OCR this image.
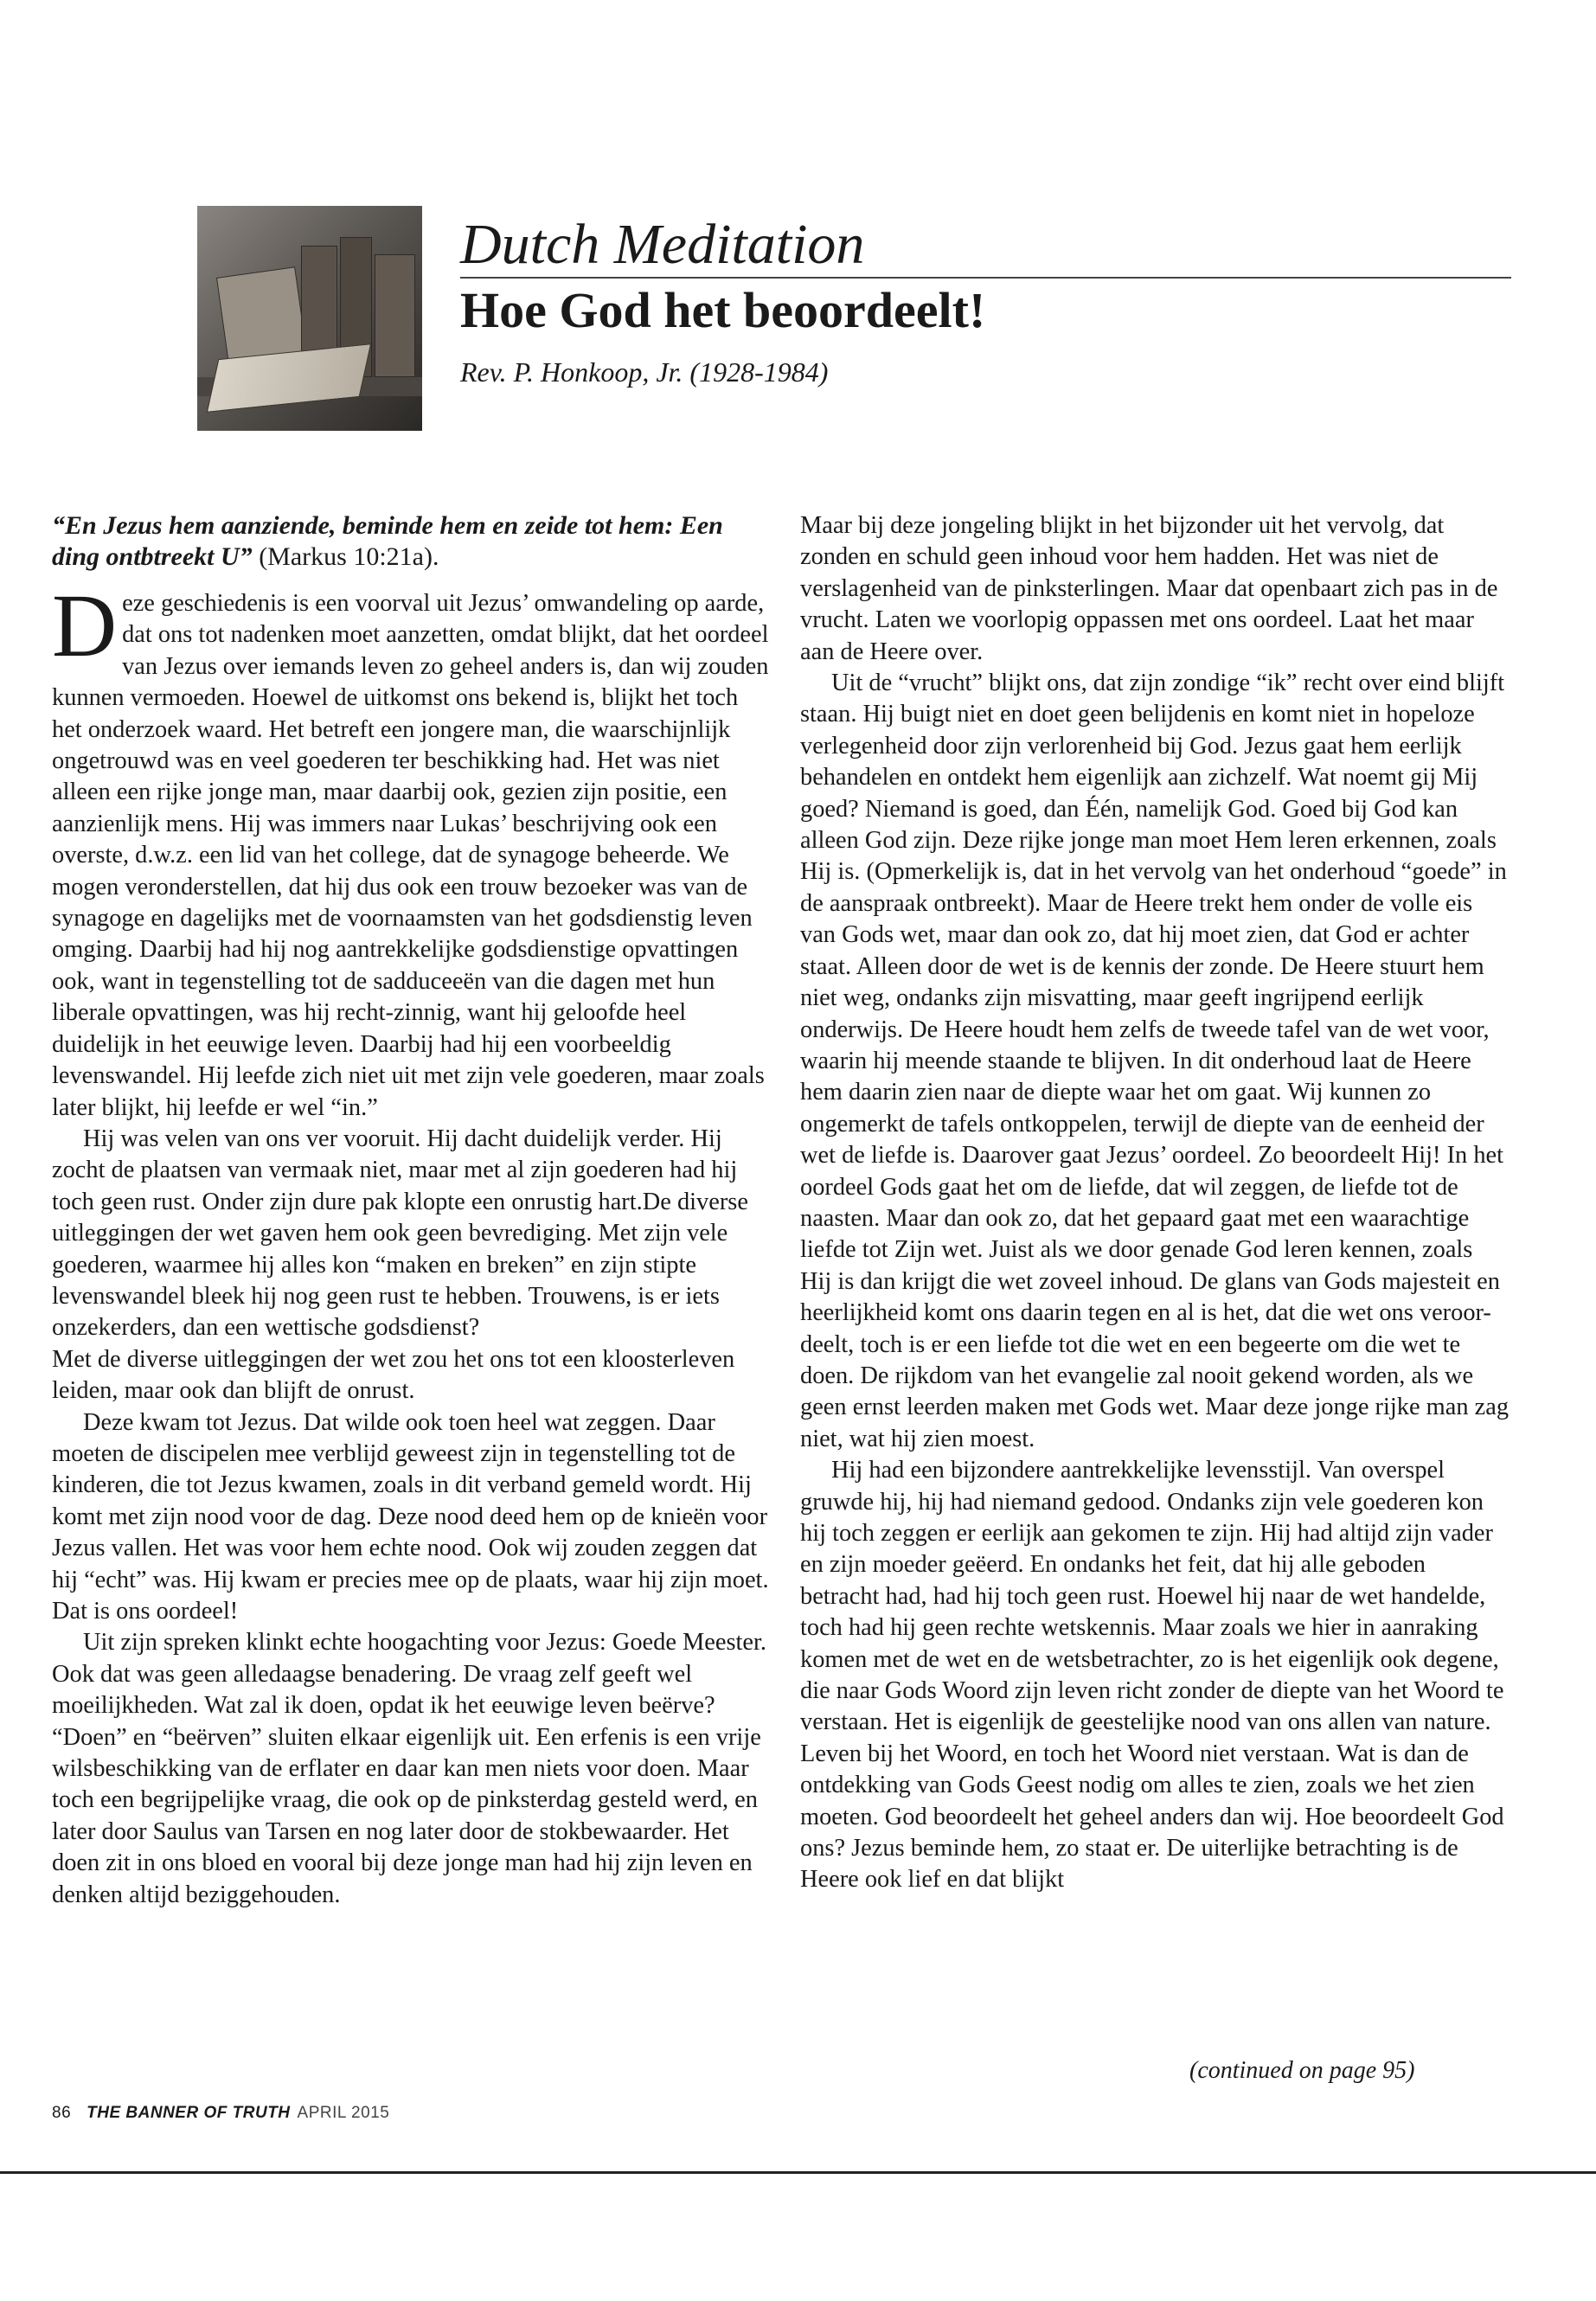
Dutch Meditation
Hoe God het beoordeelt!
Rev. P. Honkoop, Jr. (1928-1984)

“En Jezus hem aanziende, beminde hem en zeide tot hem: Een ding ontbtreekt U” (Markus 10:21a).

Deze geschiedenis is een voorval uit Jezus’ omwandeling op aarde, dat ons tot nadenken moet aanzetten, omdat blijkt, dat het oordeel van Jezus over iemands leven zo geheel anders is, dan wij zouden kunnen vermoeden. Hoewel de uitkomst ons bekend is, blijkt het toch het onderzoek waard. Het betreft een jongere man, die waarschijnlijk ongetrouwd was en veel goederen ter beschikking had. Het was niet alleen een rijke jonge man, maar daarbij ook, gezien zijn positie, een aanzienlijk mens. Hij was immers naar Lukas’ beschrijving ook een overste, d.w.z. een lid van het college, dat de synagoge beheerde. We mogen veronderstellen, dat hij dus ook een trouw bezoeker was van de synagoge en dagelijks met de voornaamsten van het godsdienstig leven omging. Daarbij had hij nog aantrekkelijke godsdienstige opvattingen ook, want in tegenstelling tot de sadduceeën van die dagen met hun liberale opvattingen, was hij recht-zinnig, want hij geloofde heel duidelijk in het eeuwige leven. Daarbij had hij een voorbeeldig levenswandel. Hij leefde zich niet uit met zijn vele goederen, maar zoals later blijkt, hij leefde er wel “in.”

Hij was velen van ons ver vooruit. Hij dacht duidelijk verder. Hij zocht de plaatsen van vermaak niet, maar met al zijn goederen had hij toch geen rust. Onder zijn dure pak klopte een onrustig hart.De diverse uitleggingen der wet gaven hem ook geen bevrediging. Met zijn vele goederen, waarmee hij alles kon “maken en breken” en zijn stipte levenswandel bleek hij nog geen rust te hebben. Trouwens, is er iets onzekerders, dan een wettische godsdienst?

Met de diverse uitleggingen der wet zou het ons tot een kloosterleven leiden, maar ook dan blijft de onrust.

Deze kwam tot Jezus. Dat wilde ook toen heel wat zeggen. Daar moeten de discipelen mee verblijd geweest zijn in tegenstelling tot de kinderen, die tot Jezus kwamen, zoals in dit verband gemeld wordt. Hij komt met zijn nood voor de dag. Deze nood deed hem op de knieën voor Jezus vallen. Het was voor hem echte nood. Ook wij zouden zeggen dat hij “echt” was. Hij kwam er precies mee op de plaats, waar hij zijn moet. Dat is ons oordeel!

Uit zijn spreken klinkt echte hoogachting voor Jezus: Goede Meester. Ook dat was geen alledaagse benadering. De vraag zelf geeft wel moeilijkheden. Wat zal ik doen, opdat ik het eeuwige leven beërve? “Doen” en “beërven” sluiten elkaar eigenlijk uit. Een erfenis is een vrije wilsbeschikking van de erflater en daar kan men niets voor doen. Maar toch een begrijpelijke vraag, die ook op de pinksterdag gesteld werd, en later door Saulus van Tarsen en nog later door de stokbewaarder. Het doen zit in ons bloed en vooral bij deze jonge man had hij zijn leven en denken altijd beziggehouden.

Maar bij deze jongeling blijkt in het bijzonder uit het vervolg, dat zonden en schuld geen inhoud voor hem hadden. Het was niet de verslagenheid van de pinksterlingen. Maar dat openbaart zich pas in de vrucht. Laten we voorlopig oppassen met ons oordeel. Laat het maar aan de Heere over.

Uit de “vrucht” blijkt ons, dat zijn zondige “ik” recht over eind blijft staan. Hij buigt niet en doet geen belijdenis en komt niet in hopeloze verlegenheid door zijn verlorenheid bij God. Jezus gaat hem eerlijk behandelen en ontdekt hem eigenlijk aan zichzelf. Wat noemt gij Mij goed? Niemand is goed, dan Één, namelijk God. Goed bij God kan alleen God zijn. Deze rijke jonge man moet Hem leren erkennen, zoals Hij is. (Opmerkelijk is, dat in het vervolg van het onderhoud “goede” in de aanspraak ontbreekt). Maar de Heere trekt hem onder de volle eis van Gods wet, maar dan ook zo, dat hij moet zien, dat God er achter staat. Alleen door de wet is de kennis der zonde. De Heere stuurt hem niet weg, ondanks zijn misvatting, maar geeft ingrijpend eerlijk onderwijs. De Heere houdt hem zelfs de tweede tafel van de wet voor, waarin hij meende staande te blijven. In dit onderhoud laat de Heere hem daarin zien naar de diepte waar het om gaat. Wij kunnen zo ongemerkt de tafels ontkoppelen, terwijl de diepte van de eenheid der wet de liefde is. Daarover gaat Jezus’ oordeel. Zo beoordeelt Hij! In het oordeel Gods gaat het om de liefde, dat wil zeggen, de liefde tot de naasten. Maar dan ook zo, dat het gepaard gaat met een waarachtige liefde tot Zijn wet. Juist als we door genade God leren kennen, zoals Hij is dan krijgt die wet zoveel inhoud. De glans van Gods majesteit en heerlijkheid komt ons daarin tegen en al is het, dat die wet ons veroor-deelt, toch is er een liefde tot die wet en een begeerte om die wet te doen. De rijkdom van het evangelie zal nooit gekend worden, als we geen ernst leerden maken met Gods wet. Maar deze jonge rijke man zag niet, wat hij zien moest.

Hij had een bijzondere aantrekkelijke levensstijl. Van overspel gruwde hij, hij had niemand gedood. Ondanks zijn vele goederen kon hij toch zeggen er eerlijk aan gekomen te zijn. Hij had altijd zijn vader en zijn moeder geëerd. En ondanks het feit, dat hij alle geboden betracht had, had hij toch geen rust. Hoewel hij naar de wet handelde, toch had hij geen rechte wetskennis. Maar zoals we hier in aanraking komen met de wet en de wetsbetrachter, zo is het eigenlijk ook degene, die naar Gods Woord zijn leven richt zonder de diepte van het Woord te verstaan. Het is eigenlijk de geestelijke nood van ons allen van nature. Leven bij het Woord, en toch het Woord niet verstaan. Wat is dan de ontdekking van Gods Geest nodig om alles te zien, zoals we het zien moeten. God beoordeelt het geheel anders dan wij. Hoe beoordeelt God ons? Jezus beminde hem, zo staat er. De uiterlijke betrachting is de Heere ook lief en dat blijkt

(continued on page 95)
86 THE BANNER OF TRUTH APRIL 2015
